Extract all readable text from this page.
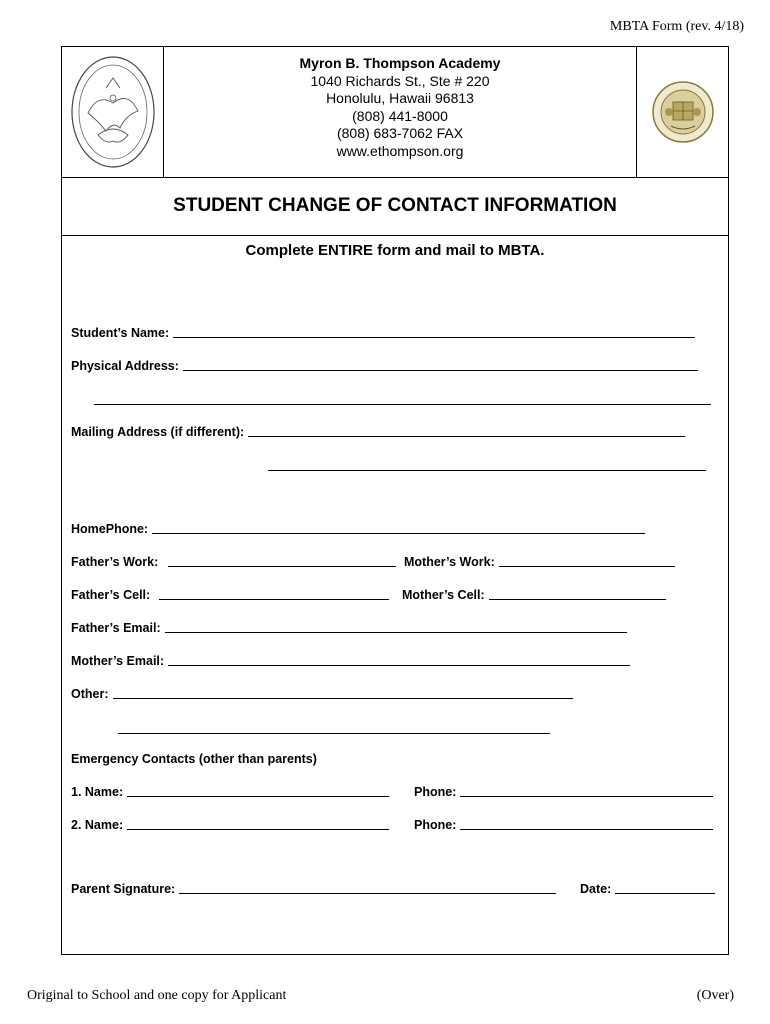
MBTA Form (rev. 4/18)
Myron B. Thompson Academy
1040 Richards St., Ste # 220
Honolulu, Hawaii 96813
(808) 441-8000
(808) 683-7062 FAX
www.ethompson.org
STUDENT CHANGE OF CONTACT INFORMATION
Complete ENTIRE form and mail to MBTA.
Student’s Name:
Physical Address:
Mailing Address (if different):
HomePhone:
Father’s Work:	Mother’s Work:
Father’s Cell:	Mother’s Cell:
Father’s Email:
Mother’s Email:
Other:
Emergency Contacts (other than parents)
1. Name:	Phone:
2. Name:	Phone:
Parent Signature:	Date:
Original to School and one copy for Applicant	(Over)
